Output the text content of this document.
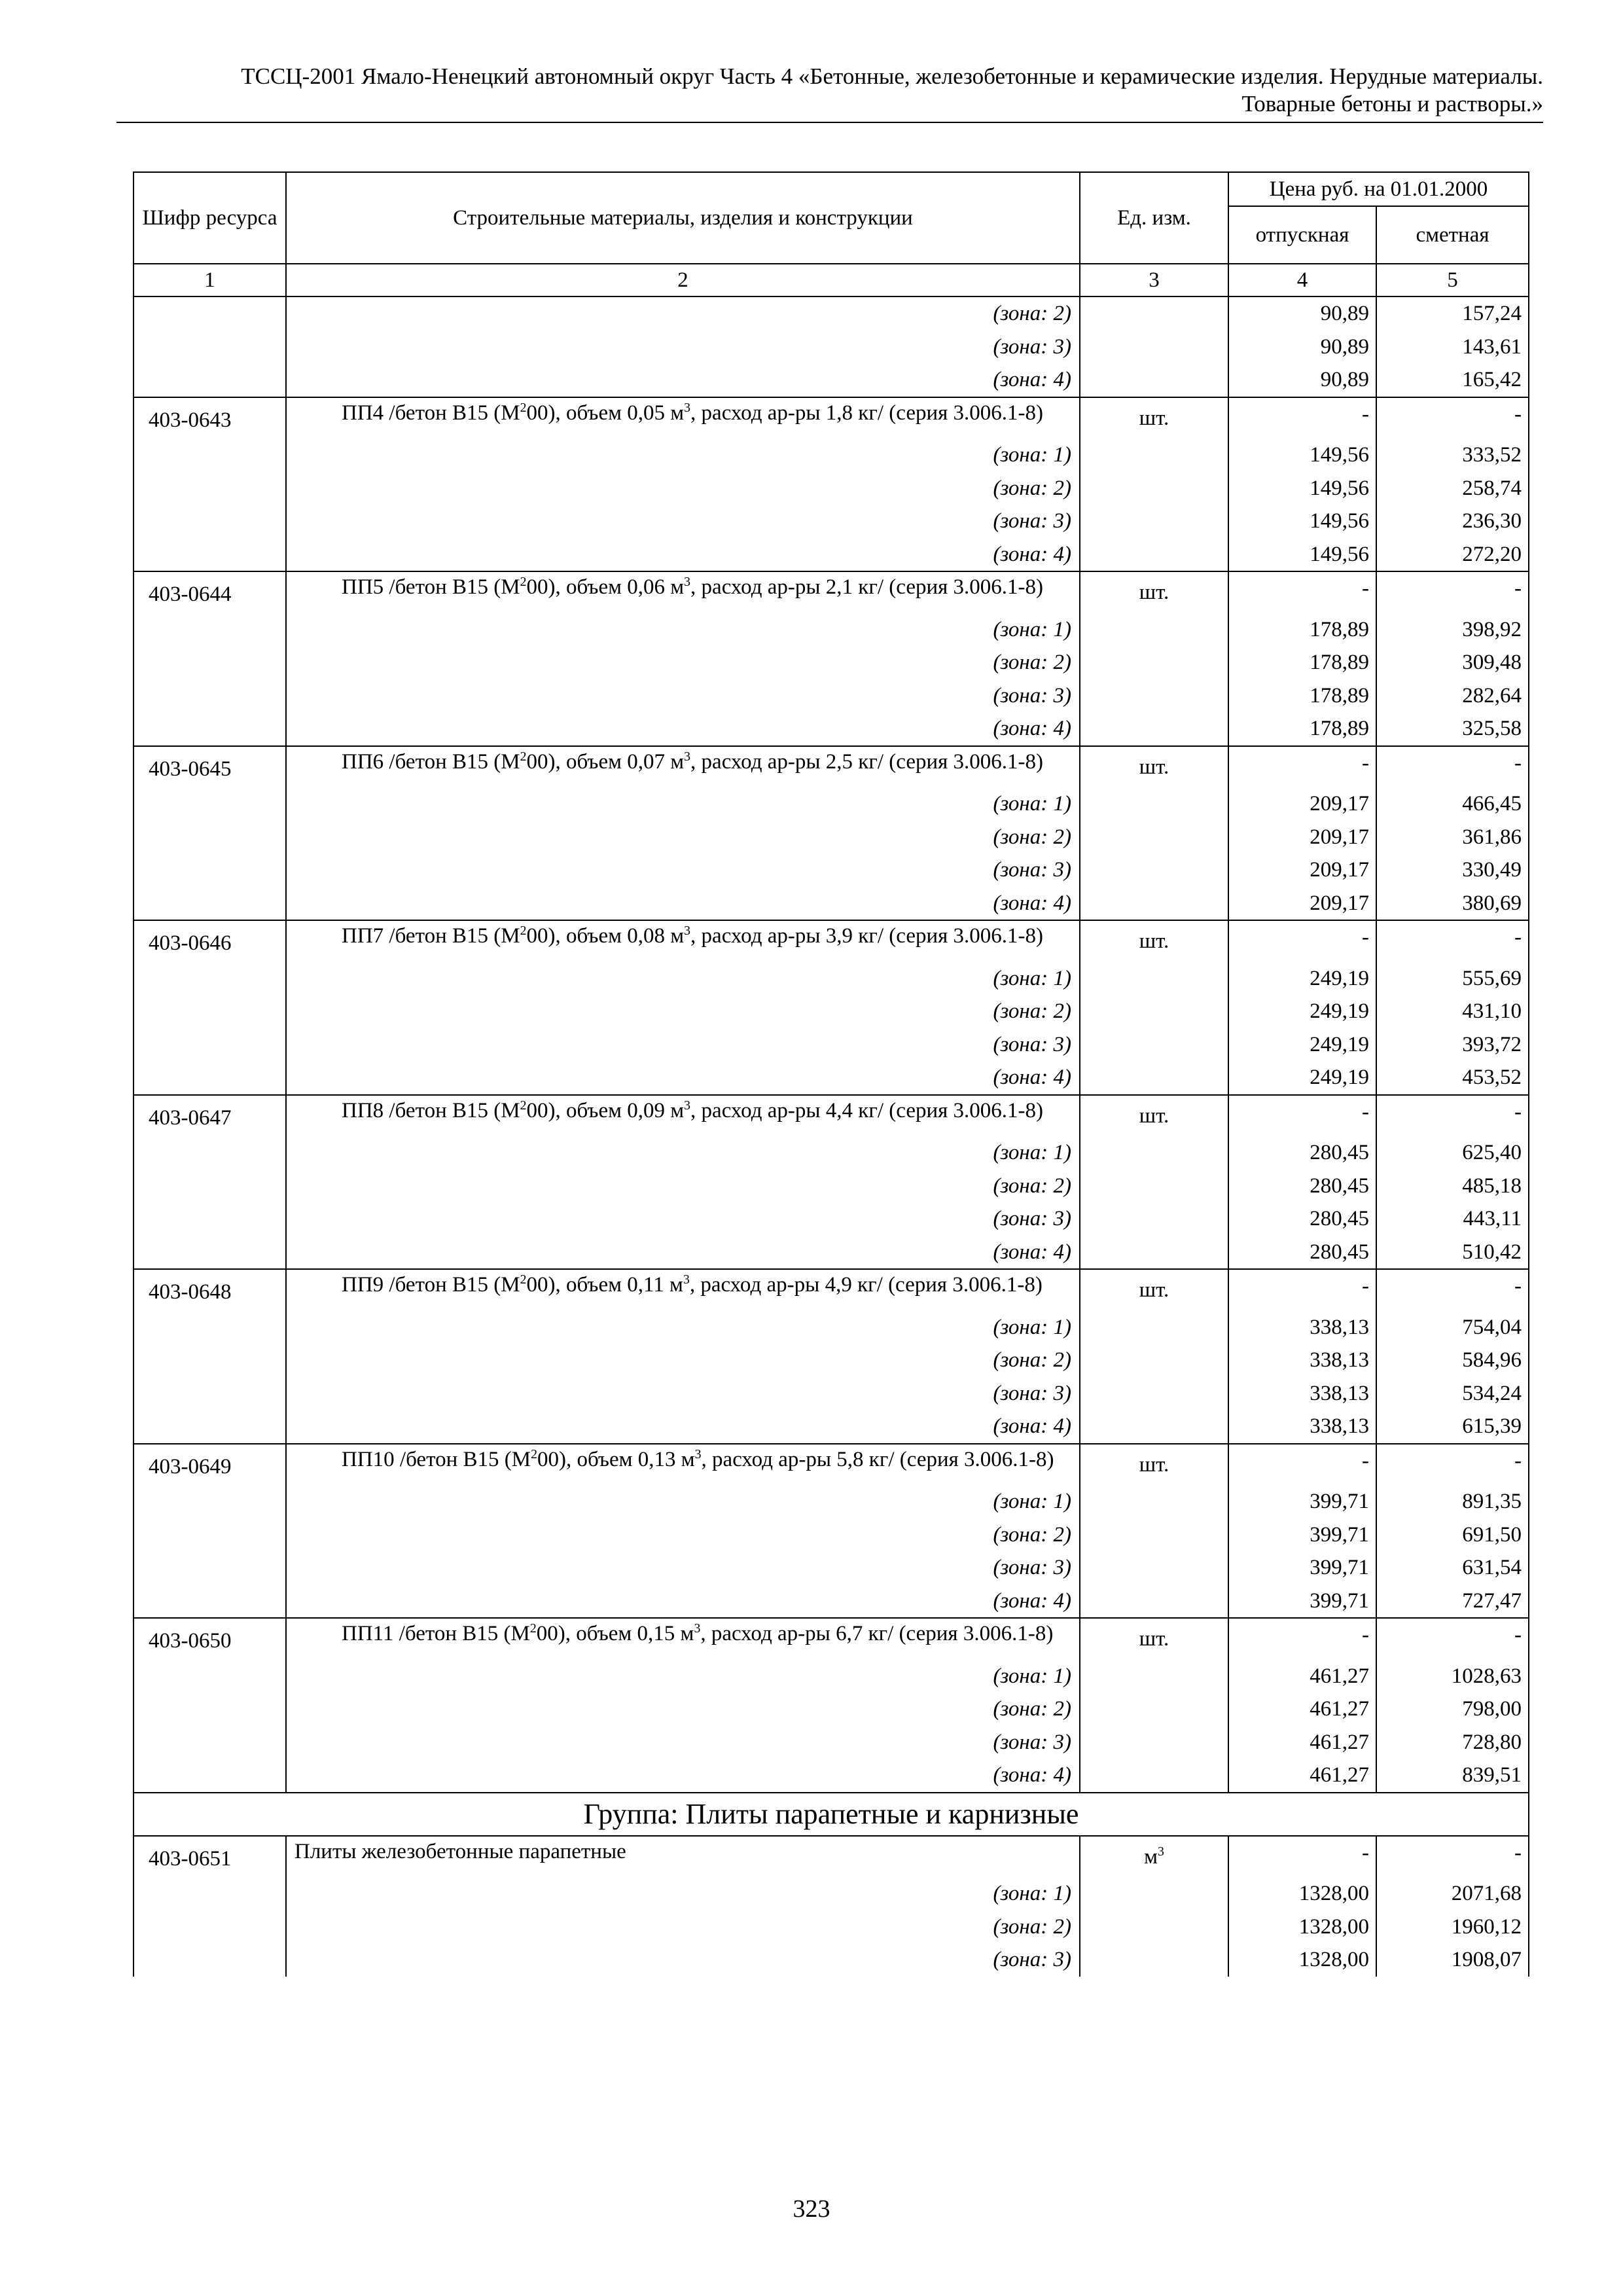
ТССЦ-2001 Ямало-Ненецкий автономный округ Часть 4 «Бетонные, железобетонные и керамические изделия. Нерудные материалы.
Товарные бетоны и растворы.»
Шифр ресурса	Строительные материалы, изделия и конструкции	Ед. изм.	Цена руб. на 01.01.2000	
			отпускная	сметная
1	2	3	4	5
	(зона: 2)		90,89	157,24
	(зона: 3)		90,89	143,61
	(зона: 4)		90,89	165,42
403-0643	ПП4 /бетон В15 $(М^200)$, объем 0,05 $м^3$, расход ар-ры 1,8 кг/ (серия 3.006.1-8)	шт.	-	-
	(зона: 1)		149,56	333,52
	(зона: 2)		149,56	258,74
	(зона: 3)		149,56	236,30
	(зона: 4)		149,56	272,20
403-0644	ПП5 /бетон В15 $(М^200)$, объем 0,06 $м^3$, расход ар-ры 2,1 кг/ (серия 3.006.1-8)	шт.	-	-
	(зона: 1)		178,89	398,92
	(зона: 2)		178,89	309,48
	(зона: 3)		178,89	282,64
	(зона: 4)		178,89	325,58
403-0645	ПП6 /бетон В15 $(М^200)$, объем 0,07 $м^3$, расход ар-ры 2,5 кг/ (серия 3.006.1-8)	шт.	-	-
	(зона: 1)		209,17	466,45
	(зона: 2)		209,17	361,86
	(зона: 3)		209,17	330,49
	(зона: 4)		209,17	380,69
403-0646	ПП7 /бетон В15 $(М^200)$, объем 0,08 $м^3$, расход ар-ры 3,9 кг/ (серия 3.006.1-8)	шт.	-	-
	(зона: 1)		249,19	555,69
	(зона: 2)		249,19	431,10
	(зона: 3)		249,19	393,72
	(зона: 4)		249,19	453,52
403-0647	ПП8 /бетон В15 $(М^200)$, объем 0,09 $м^3$, расход ар-ры 4,4 кг/ (серия 3.006.1-8)	шт.	-	-
	(зона: 1)		280,45	625,40
	(зона: 2)		280,45	485,18
	(зона: 3)		280,45	443,11
	(зона: 4)		280,45	510,42
403-0648	ПП9 /бетон В15 $(М^200)$, объем 0,11 $м^3$, расход ар-ры 4,9 кг/ (серия 3.006.1-8)	шт.	-	-
	(зона: 1)		338,13	754,04
	(зона: 2)		338,13	584,96
	(зона: 3)		338,13	534,24
	(зона: 4)		338,13	615,39
403-0649	ПП10 /бетон В15 $(М^200)$, объем 0,13 $м^3$, расход ар-ры 5,8 кг/ (серия 3.006.1-8)	шт.	-	-
	(зона: 1)		399,71	891,35
	(зона: 2)		399,71	691,50
	(зона: 3)		399,71	631,54
	(зона: 4)		399,71	727,47
403-0650	ПП11 /бетон В15 $(М^200)$, объем 0,15 $м^3$, расход ар-ры 6,7 кг/ (серия 3.006.1-8)	шт.	-	-
	(зона: 1)		461,27	1028,63
	(зона: 2)		461,27	798,00
	(зона: 3)		461,27	728,80
	(зона: 4)		461,27	839,51
Группа: Плиты парапетные и карнизные				
403-0651	Плиты железобетонные парапетные	$м^3$	-	-
	(зона: 1)		1328,00	2071,68
	(зона: 2)		1328,00	1960,12
	(зона: 3)		1328,00	1908,07
323
